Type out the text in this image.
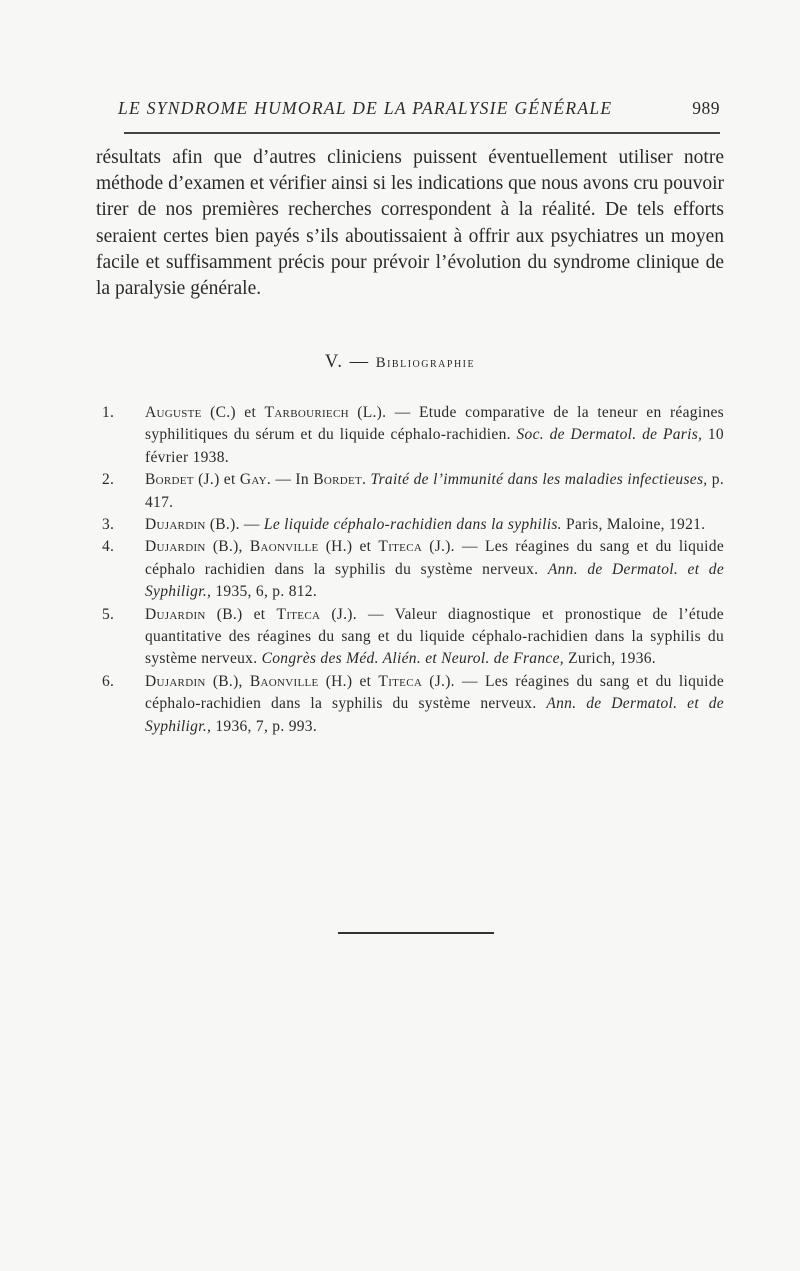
LE SYNDROME HUMORAL DE LA PARALYSIE GÉNÉRALE	989

résultats afin que d’autres cliniciens puissent éventuellement utiliser notre méthode d’examen et vérifier ainsi si les indications que nous avons cru pouvoir tirer de nos premières recherches correspondent à la réalité. De tels efforts seraient certes bien payés s’ils aboutissaient à offrir aux psychiatres un moyen facile et suffisamment précis pour prévoir l’évolution du syndrome clinique de la paralysie générale.

V. — Bibliographie
1.	Auguste (C.) et Tarbouriech (L.). — Etude comparative de la teneur en réagines syphilitiques du sérum et du liquide céphalo-rachidien. Soc. de Dermatol. de Paris, 10 février 1938.
2.	Bordet (J.) et Gay. — In Bordet. Traité de l’immunité dans les maladies infectieuses, p. 417.
3.	Dujardin (B.). — Le liquide céphalo-rachidien dans la syphilis. Paris, Maloine, 1921.
4.	Dujardin (B.), Baonville (H.) et Titeca (J.). — Les réagines du sang et du liquide céphalo rachidien dans la syphilis du système nerveux. Ann. de Dermatol. et de Syphiligr., 1935, 6, p. 812.
5.	Dujardin (B.) et Titeca (J.). — Valeur diagnostique et pronostique de l’étude quantitative des réagines du sang et du liquide céphalo-rachidien dans la syphilis du système nerveux. Congrès des Méd. Alién. et Neurol. de France, Zurich, 1936.
6.	Dujardin (B.), Baonville (H.) et Titeca (J.). — Les réagines du sang et du liquide céphalo-rachidien dans la syphilis du système nerveux. Ann. de Dermatol. et de Syphiligr., 1936, 7, p. 993.
